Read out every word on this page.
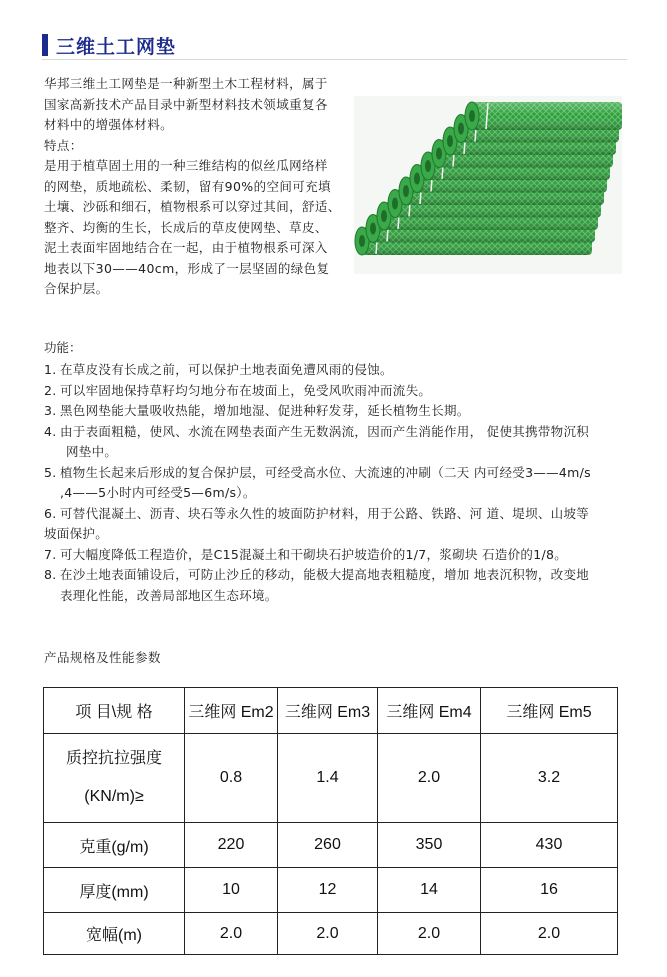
三维土工网垫

华邦三维土工网垫是一种新型土木工程材料，属于

国家高新技术产品目录中新型材料技术领域重复各

材料中的增强体材料。

特点：

是用于植草固土用的一种三维结构的似丝瓜网络样

的网垫，质地疏松、柔韧，留有90%的空间可充填

土壤、沙砾和细石，植物根系可以穿过其间，舒适、

整齐、均衡的生长，长成后的草皮使网垫、草皮、

泥土表面牢固地结合在一起，由于植物根系可深入

地表以下30——40cm，形成了一层坚固的绿色复

合保护层。

功能：
1. 在草皮没有长成之前，可以保护土地表面免遭风雨的侵蚀。
2. 可以牢固地保持草籽均匀地分布在坡面上，免受风吹雨冲而流失。
3. 黑色网垫能大量吸收热能，增加地湿、促进种籽发芽，延长植物生长期。
4. 由于表面粗糙，使风、水流在网垫表面产生无数涡流，因而产生消能作用， 促使其携带物沉积
网垫中。
5. 植物生长起来后形成的复合保护层，可经受高水位、大流速的冲刷（二天 内可经受3——4m/s
,4——5小时内可经受5—6m/s）。
6. 可替代混凝土、沥青、块石等永久性的坡面防护材料，用于公路、铁路、河 道、堤坝、山坡等
坡面保护。
7. 可大幅度降低工程造价，是C15混凝土和干砌块石护坡造价的1/7，浆砌块 石造价的1/8。
8. 在沙土地表面铺设后，可防止沙丘的移动，能极大提高地表粗糙度，增加 地表沉积物，改变地
表理化性能，改善局部地区生态环境。
产品规格及性能参数
项 目\规 格	三维网 Em2	三维网 Em3	三维网 Em4	三维网 Em5

质控抗拉强度
(KN/m)≥	0.8	1.4	2.0	3.2
克重(g/m)	220	260	350	430
厚度(mm)	10	12	14	16
宽幅(m)	2.0	2.0	2.0	2.0
